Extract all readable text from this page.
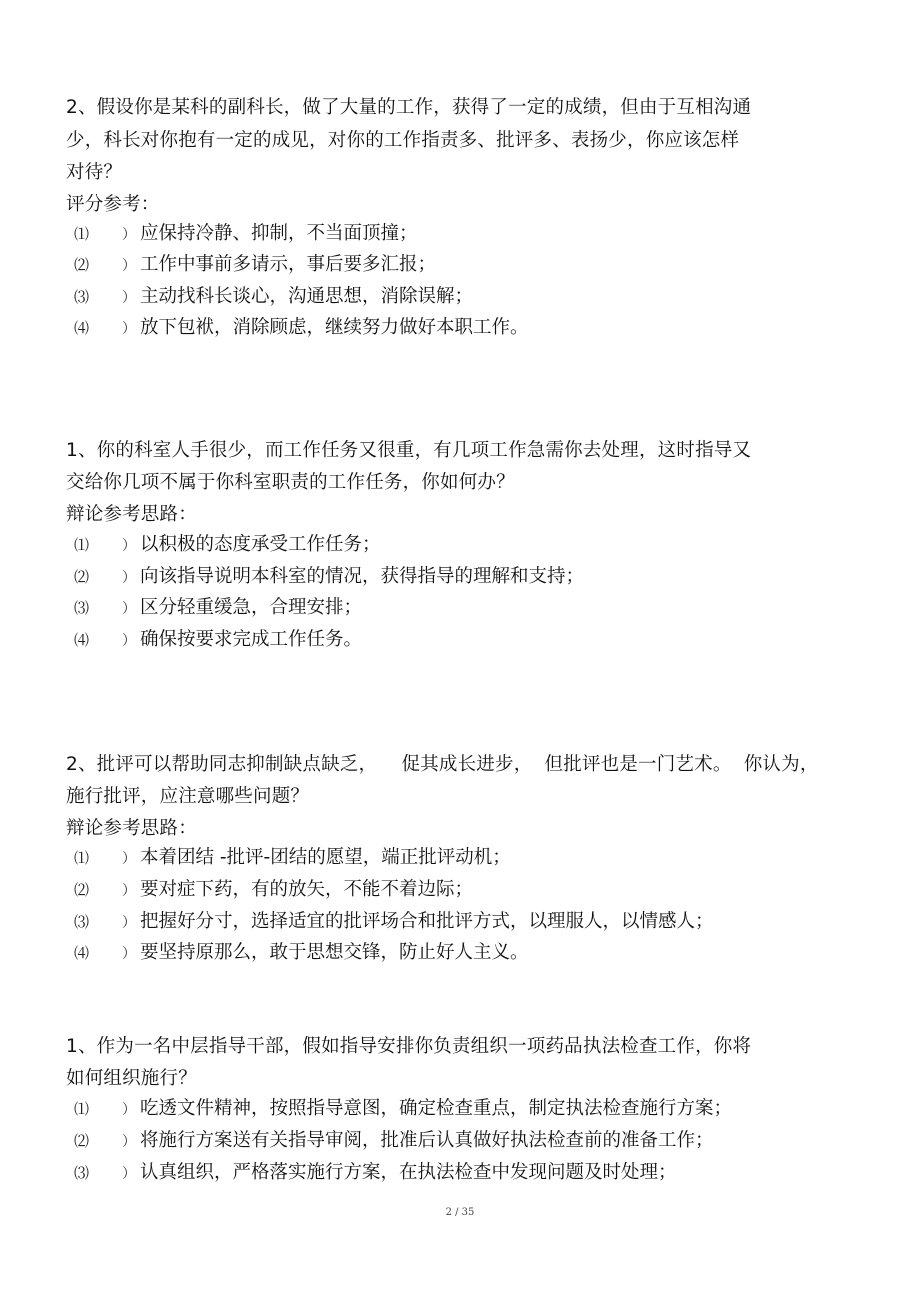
2、假设你是某科的副科长，做了大量的工作，获得了一定的成绩，但由于互相沟通
少，科长对你抱有一定的成见，对你的工作指责多、批评多、表扬少，你应该怎样
对待？
评分参考：
⑴ ） 应保持冷静、抑制，不当面顶撞；
⑵ ） 工作中事前多请示，事后要多汇报；
⑶ ） 主动找科长谈心，沟通思想，消除误解；
⑷ ） 放下包袱，消除顾虑，继续努力做好本职工作。
1、你的科室人手很少，而工作任务又很重，有几项工作急需你去处理，这时指导又
交给你几项不属于你科室职责的工作任务，你如何办？
辩论参考思路：
⑴ ） 以积极的态度承受工作任务；
⑵ ） 向该指导说明本科室的情况，获得指导的理解和支持；
⑶ ） 区分轻重缓急，合理安排；
⑷ ） 确保按要求完成工作任务。
2、批评可以帮助同志抑制缺点缺乏，    促其成长进步，  但批评也是一门艺术。  你认为，
施行批评，应注意哪些问题？
辩论参考思路：
⑴ ） 本着团结 -批评-团结的愿望，端正批评动机；
⑵ ） 要对症下药，有的放矢，不能不着边际；
⑶ ） 把握好分寸，选择适宜的批评场合和批评方式，以理服人，以情感人；
⑷ ） 要坚持原那么，敢于思想交锋，防止好人主义。
1、作为一名中层指导干部，假如指导安排你负责组织一项药品执法检查工作，你将
如何组织施行？
⑴ ） 吃透文件精神，按照指导意图，确定检查重点，制定执法检查施行方案；
⑵ ） 将施行方案送有关指导审阅，批准后认真做好执法检查前的准备工作；
⑶ ） 认真组织，严格落实施行方案，在执法检查中发现问题及时处理；
2 / 35
